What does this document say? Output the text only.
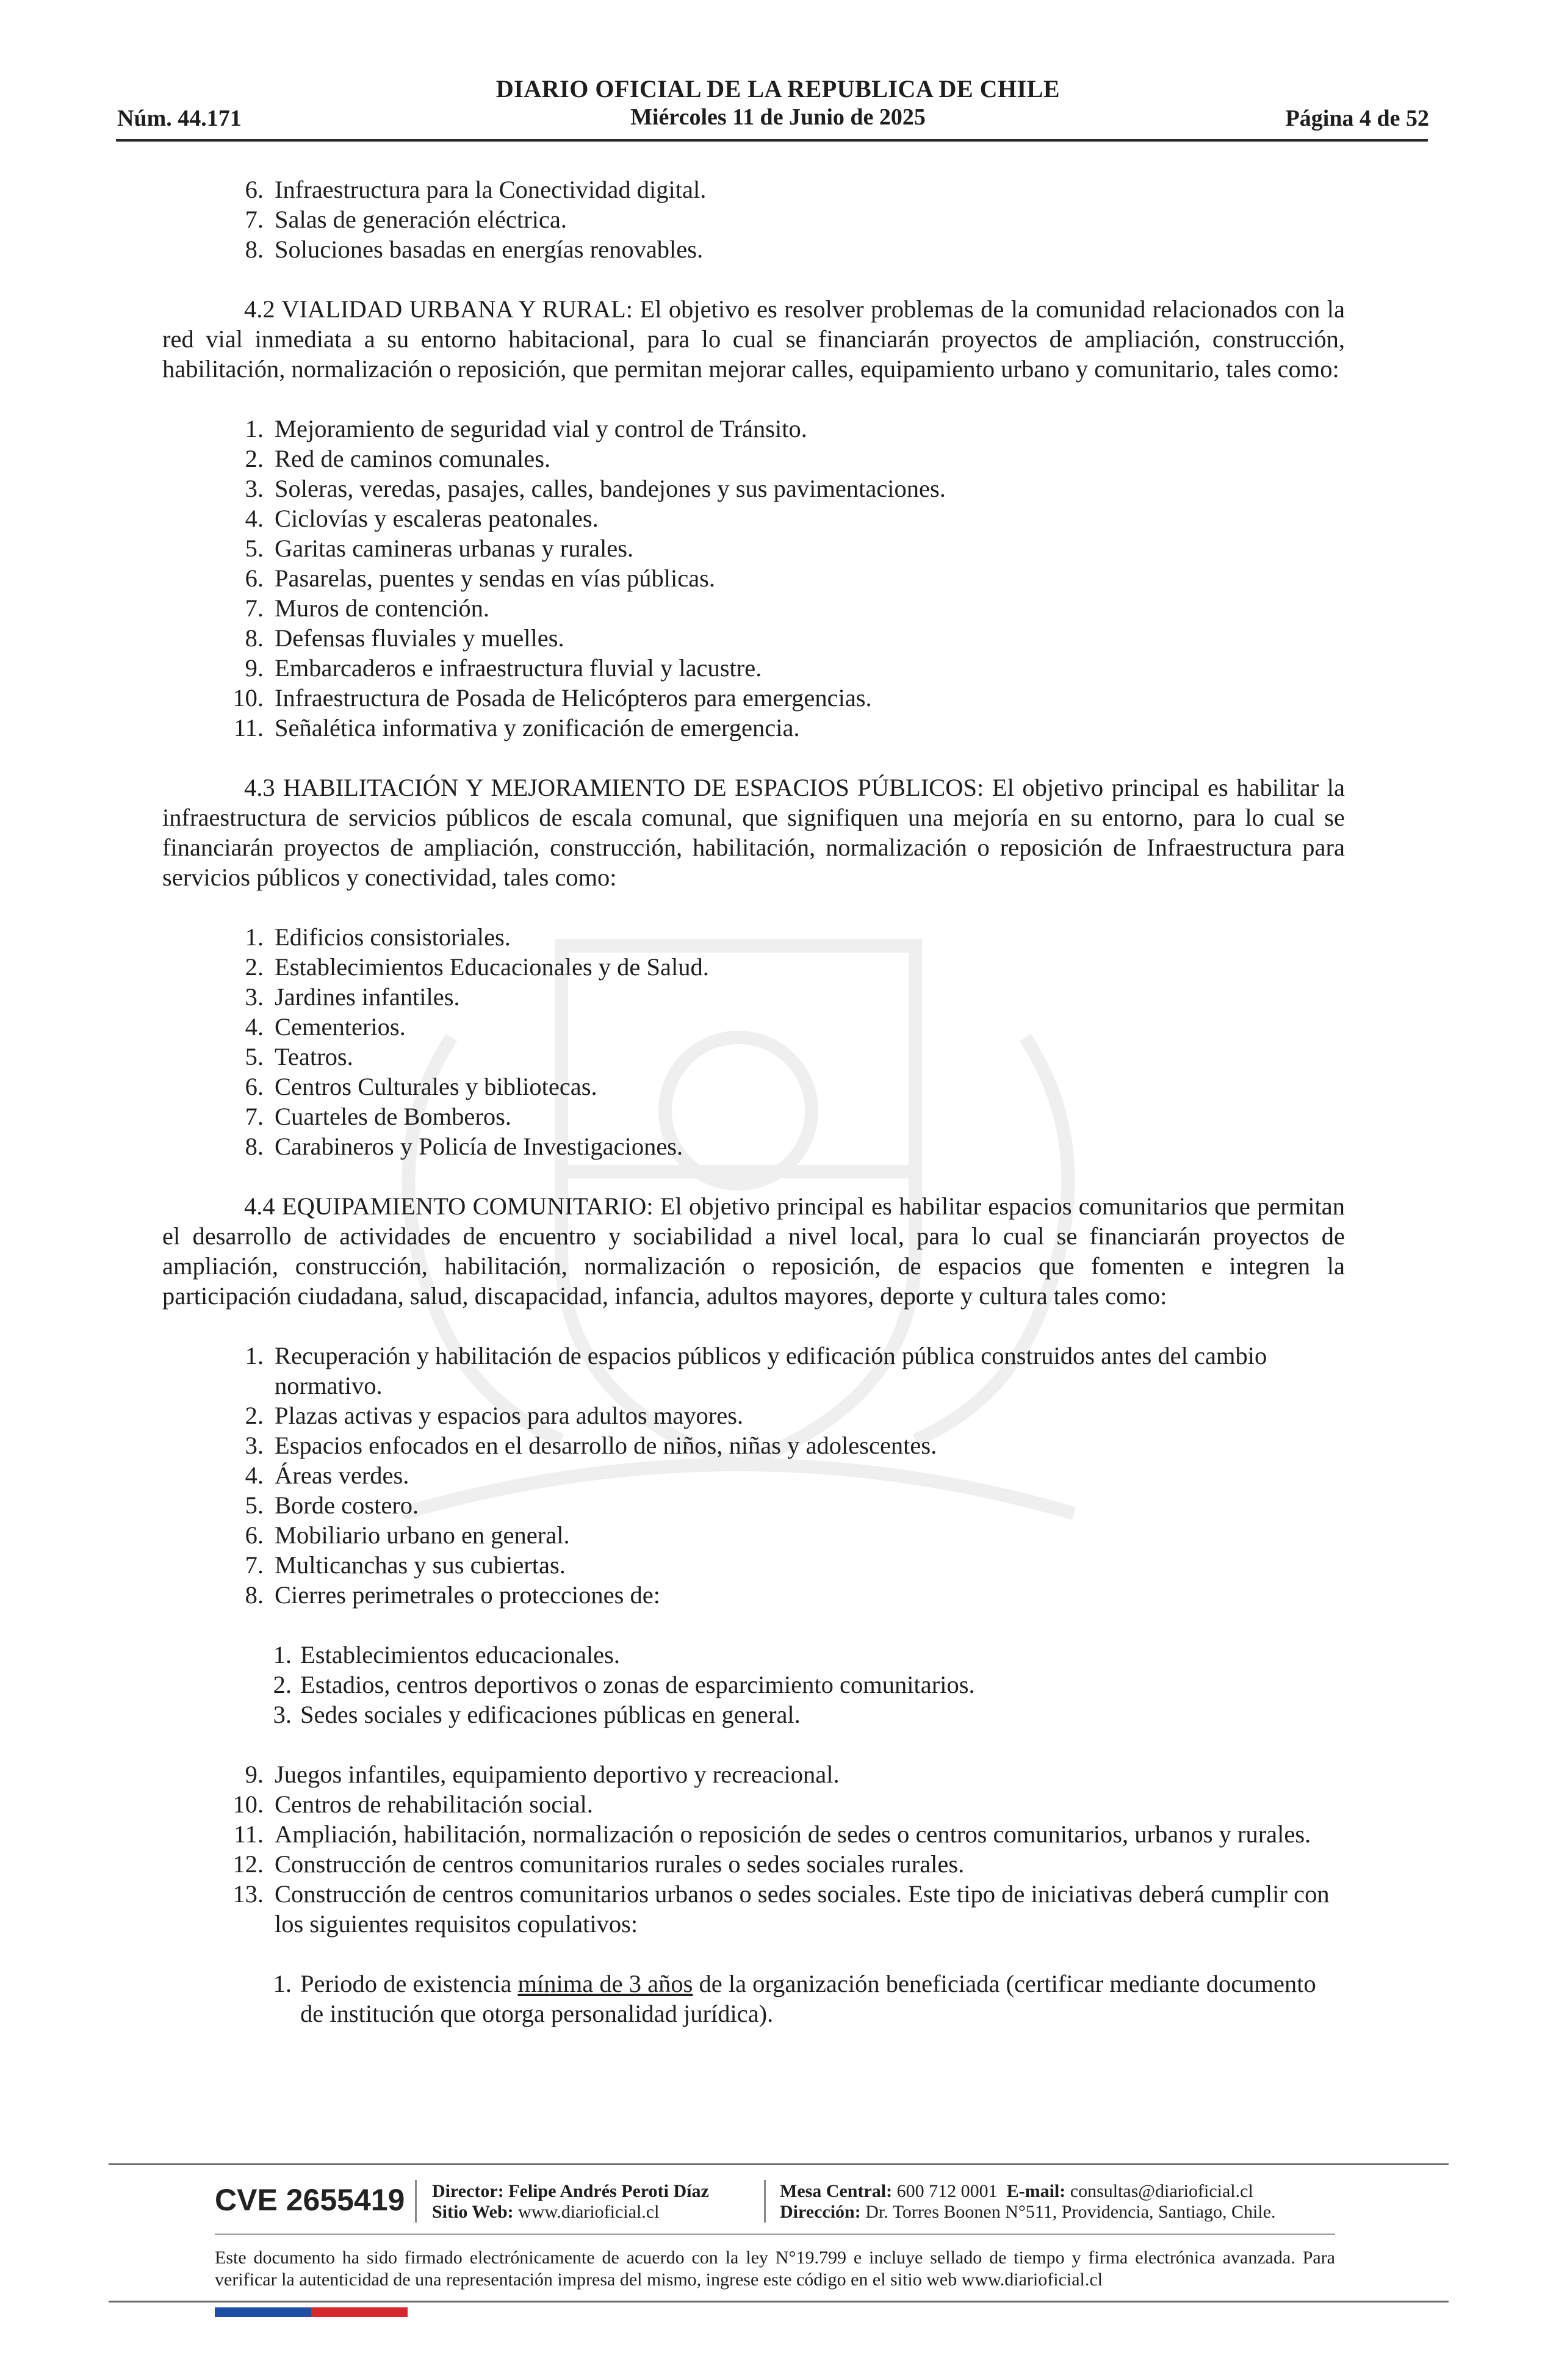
DIARIO OFICIAL DE LA REPUBLICA DE CHILE
Núm. 44.171	Miércoles 11 de Junio de 2025	Página 4 de 52
6. Infraestructura para la Conectividad digital.
7. Salas de generación eléctrica.
8. Soluciones basadas en energías renovables.
4.2 VIALIDAD URBANA Y RURAL: El objetivo es resolver problemas de la comunidad relacionados con la red vial inmediata a su entorno habitacional, para lo cual se financiarán proyectos de ampliación, construcción, habilitación, normalización o reposición, que permitan mejorar calles, equipamiento urbano y comunitario, tales como:
1. Mejoramiento de seguridad vial y control de Tránsito.
2. Red de caminos comunales.
3. Soleras, veredas, pasajes, calles, bandejones y sus pavimentaciones.
4. Ciclovías y escaleras peatonales.
5. Garitas camineras urbanas y rurales.
6. Pasarelas, puentes y sendas en vías públicas.
7. Muros de contención.
8. Defensas fluviales y muelles.
9. Embarcaderos e infraestructura fluvial y lacustre.
10. Infraestructura de Posada de Helicópteros para emergencias.
11. Señalética informativa y zonificación de emergencia.
4.3 HABILITACIÓN Y MEJORAMIENTO DE ESPACIOS PÚBLICOS: El objetivo principal es habilitar la infraestructura de servicios públicos de escala comunal, que signifiquen una mejoría en su entorno, para lo cual se financiarán proyectos de ampliación, construcción, habilitación, normalización o reposición de Infraestructura para servicios públicos y conectividad, tales como:
1. Edificios consistoriales.
2. Establecimientos Educacionales y de Salud.
3. Jardines infantiles.
4. Cementerios.
5. Teatros.
6. Centros Culturales y bibliotecas.
7. Cuarteles de Bomberos.
8. Carabineros y Policía de Investigaciones.
4.4 EQUIPAMIENTO COMUNITARIO: El objetivo principal es habilitar espacios comunitarios que permitan el desarrollo de actividades de encuentro y sociabilidad a nivel local, para lo cual se financiarán proyectos de ampliación, construcción, habilitación, normalización o reposición, de espacios que fomenten e integren la participación ciudadana, salud, discapacidad, infancia, adultos mayores, deporte y cultura tales como:
1. Recuperación y habilitación de espacios públicos y edificación pública construidos antes del cambio normativo.
2. Plazas activas y espacios para adultos mayores.
3. Espacios enfocados en el desarrollo de niños, niñas y adolescentes.
4. Áreas verdes.
5. Borde costero.
6. Mobiliario urbano en general.
7. Multicanchas y sus cubiertas.
8. Cierres perimetrales o protecciones de:
1. Establecimientos educacionales.
2. Estadios, centros deportivos o zonas de esparcimiento comunitarios.
3. Sedes sociales y edificaciones públicas en general.
9. Juegos infantiles, equipamiento deportivo y recreacional.
10. Centros de rehabilitación social.
11. Ampliación, habilitación, normalización o reposición de sedes o centros comunitarios, urbanos y rurales.
12. Construcción de centros comunitarios rurales o sedes sociales rurales.
13. Construcción de centros comunitarios urbanos o sedes sociales. Este tipo de iniciativas deberá cumplir con los siguientes requisitos copulativos:
1. Periodo de existencia mínima de 3 años de la organización beneficiada (certificar mediante documento de institución que otorga personalidad jurídica).
CVE 2655419 Director: Felipe Andrés Peroti Díaz
Sitio Web: www.diarioficial.cl
Mesa Central: 600 712 0001 E-mail: consultas@diarioficial.cl
Dirección: Dr. Torres Boonen N°511, Providencia, Santiago, Chile.
Este documento ha sido firmado electrónicamente de acuerdo con la ley N°19.799 e incluye sellado de tiempo y firma electrónica avanzada. Para verificar la autenticidad de una representación impresa del mismo, ingrese este código en el sitio web www.diarioficial.cl
